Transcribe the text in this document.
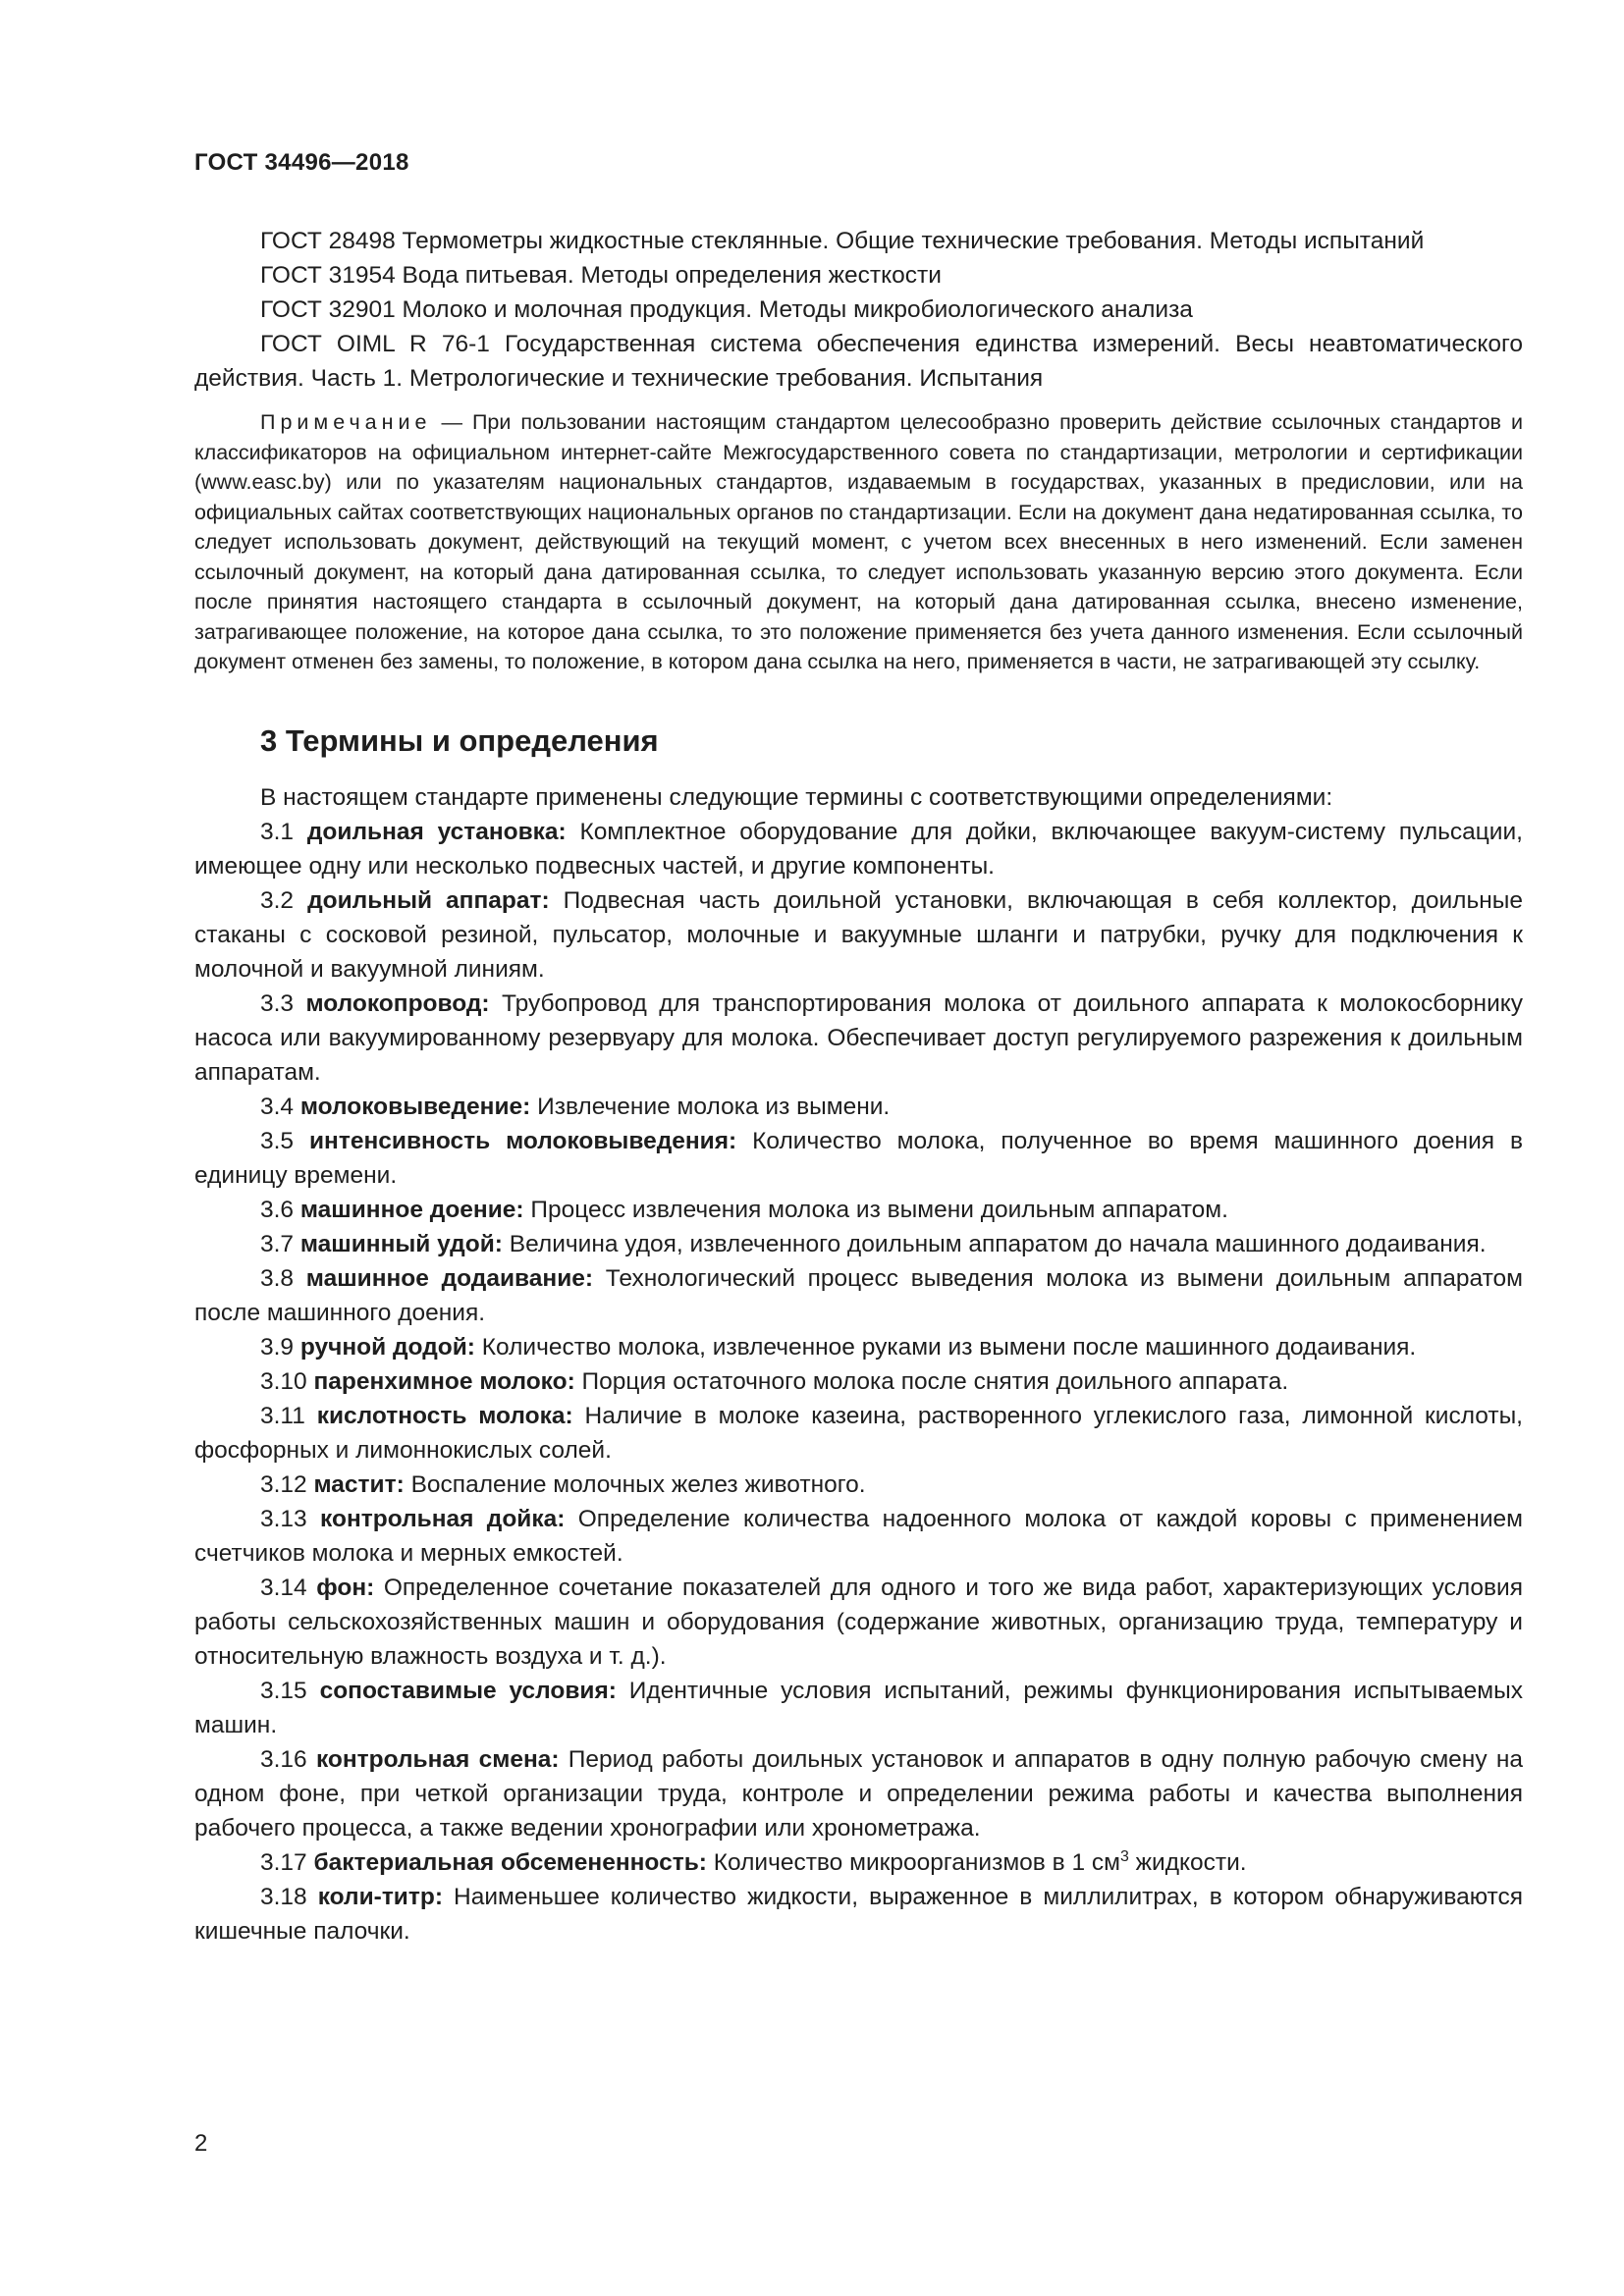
ГОСТ 34496—2018

ГОСТ 28498 Термометры жидкостные стеклянные. Общие технические требования. Методы испытаний

ГОСТ 31954 Вода питьевая. Методы определения жесткости

ГОСТ 32901 Молоко и молочная продукция. Методы микробиологического анализа

ГОСТ OIML R 76-1 Государственная система обеспечения единства измерений. Весы неавтоматического действия. Часть 1. Метрологические и технические требования. Испытания

Примечание — При пользовании настоящим стандартом целесообразно проверить действие ссылочных стандартов и классификаторов на официальном интернет-сайте Межгосударственного совета по стандартизации, метрологии и сертификации (www.easc.by) или по указателям национальных стандартов, издаваемым в государствах, указанных в предисловии, или на официальных сайтах соответствующих национальных органов по стандартизации. Если на документ дана недатированная ссылка, то следует использовать документ, действующий на текущий момент, с учетом всех внесенных в него изменений. Если заменен ссылочный документ, на который дана датированная ссылка, то следует использовать указанную версию этого документа. Если после принятия настоящего стандарта в ссылочный документ, на который дана датированная ссылка, внесено изменение, затрагивающее положение, на которое дана ссылка, то это положение применяется без учета данного изменения. Если ссылочный документ отменен без замены, то положение, в котором дана ссылка на него, применяется в части, не затрагивающей эту ссылку.

3 Термины и определения

В настоящем стандарте применены следующие термины с соответствующими определениями:

3.1 доильная установка: Комплектное оборудование для дойки, включающее вакуум-систему пульсации, имеющее одну или несколько подвесных частей, и другие компоненты.

3.2 доильный аппарат: Подвесная часть доильной установки, включающая в себя коллектор, доильные стаканы с сосковой резиной, пульсатор, молочные и вакуумные шланги и патрубки, ручку для подключения к молочной и вакуумной линиям.

3.3 молокопровод: Трубопровод для транспортирования молока от доильного аппарата к молокосборнику насоса или вакуумированному резервуару для молока. Обеспечивает доступ регулируемого разрежения к доильным аппаратам.

3.4 молоковыведение: Извлечение молока из вымени.

3.5 интенсивность молоковыведения: Количество молока, полученное во время машинного доения в единицу времени.

3.6 машинное доение: Процесс извлечения молока из вымени доильным аппаратом.

3.7 машинный удой: Величина удоя, извлеченного доильным аппаратом до начала машинного додаивания.

3.8 машинное додаивание: Технологический процесс выведения молока из вымени доильным аппаратом после машинного доения.

3.9 ручной додой: Количество молока, извлеченное руками из вымени после машинного додаивания.

3.10 паренхимное молоко: Порция остаточного молока после снятия доильного аппарата.

3.11 кислотность молока: Наличие в молоке казеина, растворенного углекислого газа, лимонной кислоты, фосфорных и лимоннокислых солей.

3.12 мастит: Воспаление молочных желез животного.

3.13 контрольная дойка: Определение количества надоенного молока от каждой коровы с применением счетчиков молока и мерных емкостей.

3.14 фон: Определенное сочетание показателей для одного и того же вида работ, характеризующих условия работы сельскохозяйственных машин и оборудования (содержание животных, организацию труда, температуру и относительную влажность воздуха и т. д.).

3.15 сопоставимые условия: Идентичные условия испытаний, режимы функционирования испытываемых машин.

3.16 контрольная смена: Период работы доильных установок и аппаратов в одну полную рабочую смену на одном фоне, при четкой организации труда, контроле и определении режима работы и качества выполнения рабочего процесса, а также ведении хронографии или хронометража.

3.17 бактериальная обсемененность: Количество микроорганизмов в 1 $см^3$ жидкости.

3.18 коли-титр: Наименьшее количество жидкости, выраженное в миллилитрах, в котором обнаруживаются кишечные палочки.

2
